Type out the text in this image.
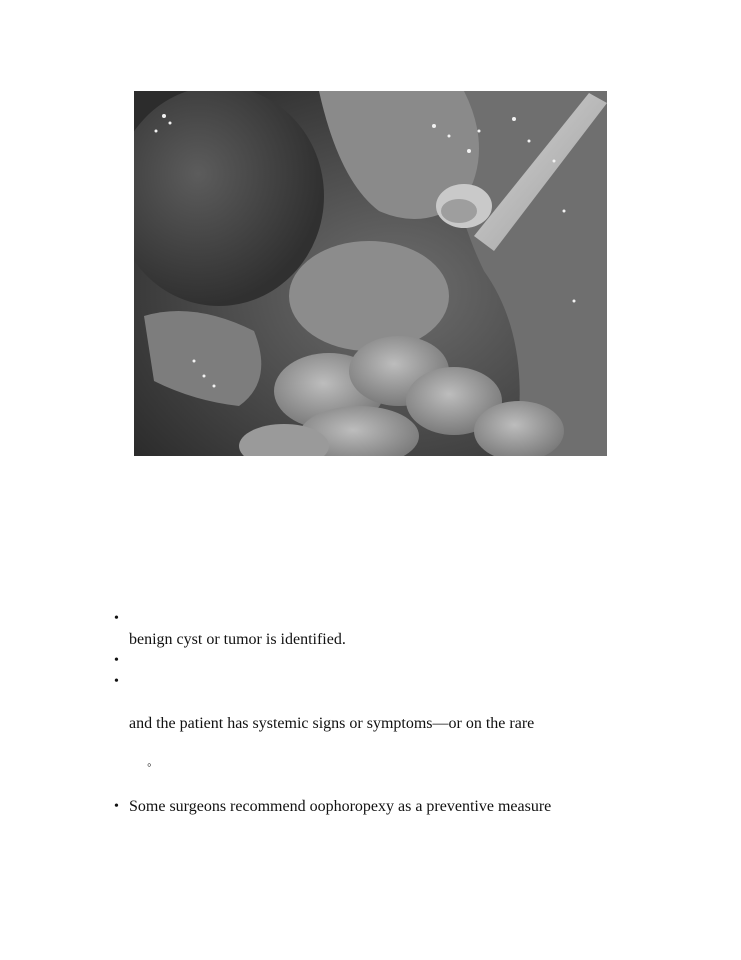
•
benign cyst or tumor is identified.
•
•
and the patient has systemic signs or symptoms—or on the rare
◦
• Some surgeons recommend oophoropexy as a preventive measure
